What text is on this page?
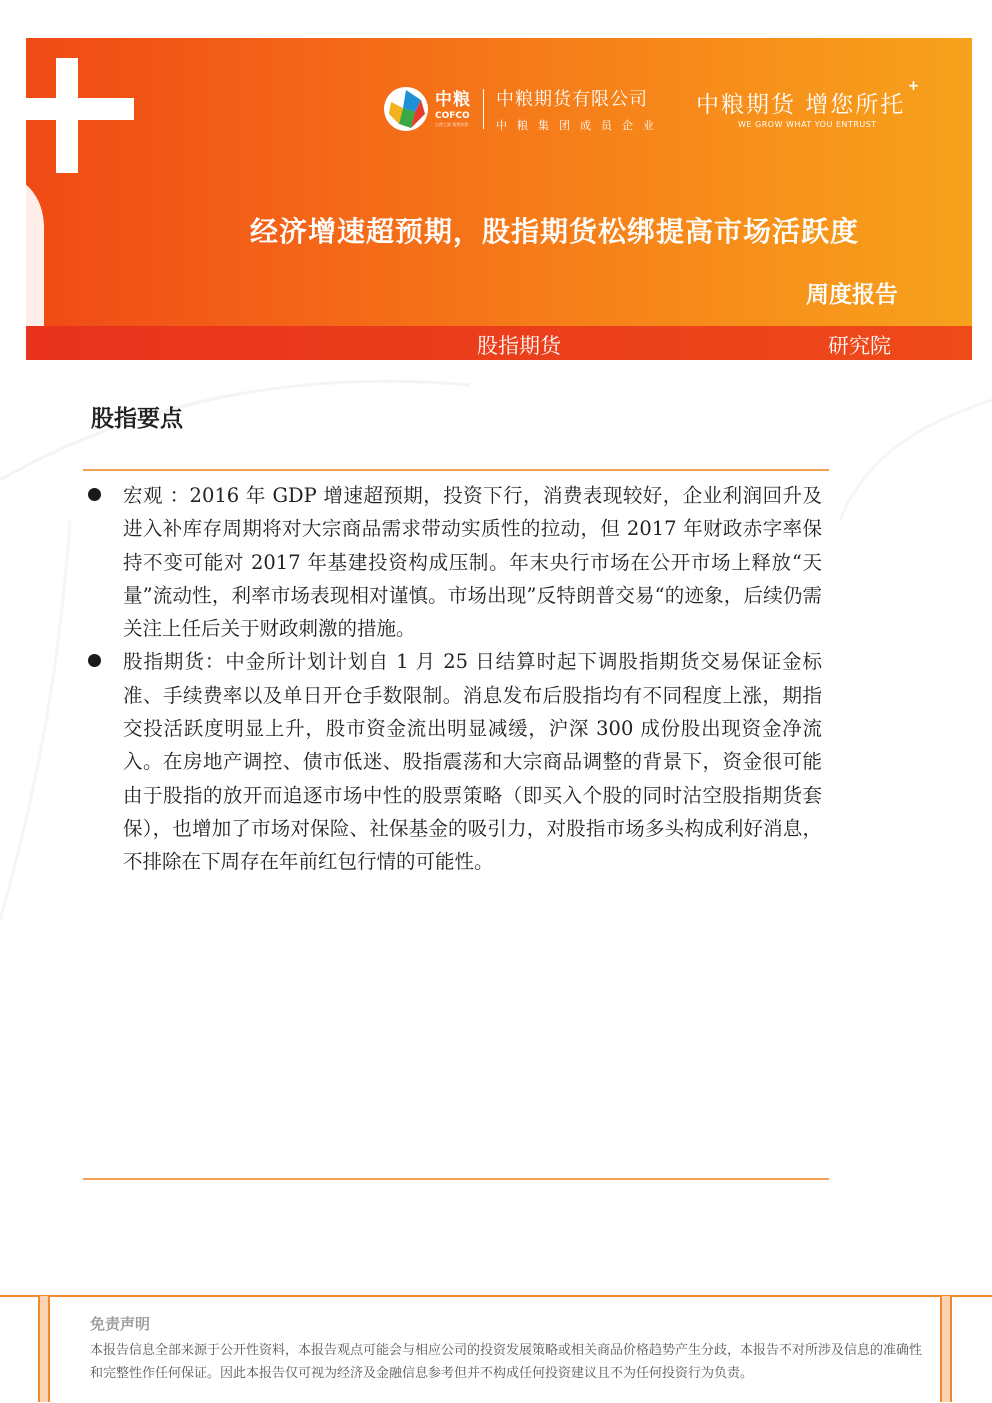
中粮
COFCO
自然之源 重塑你我
中粮期货有限公司
中粮集团成员企业
中粮期货 增您所托
WE GROW WHAT YOU ENTRUST
+
经济增速超预期，股指期货松绑提高市场活跃度
周度报告
股指期货	研究院
股指要点
宏观 ：2016 年 GDP 增速超预期，投资下行，消费表现较好，企业利润回升及进入补库存周期将对大宗商品需求带动实质性的拉动，但 2017 年财政赤字率保持不变可能对 2017 年基建投资构成压制。年末央行市场在公开市场上释放“天量”流动性，利率市场表现相对谨慎。市场出现”反特朗普交易“的迹象，后续仍需关注上任后关于财政刺激的措施。
股指期货：中金所计划计划自 1 月 25 日结算时起下调股指期货交易保证金标准、手续费率以及单日开仓手数限制。消息发布后股指均有不同程度上涨，期指交投活跃度明显上升，股市资金流出明显减缓，沪深 300 成份股出现资金净流入。在房地产调控、债市低迷、股指震荡和大宗商品调整的背景下，资金很可能由于股指的放开而追逐市场中性的股票策略（即买入个股的同时沽空股指期货套保），也增加了市场对保险、社保基金的吸引力，对股指市场多头构成利好消息，不排除在下周存在年前红包行情的可能性。
免责声明
本报告信息全部来源于公开性资料，本报告观点可能会与相应公司的投资发展策略或相关商品价格趋势产生分歧，本报告不对所涉及信息的准确性和完整性作任何保证。因此本报告仅可视为经济及金融信息参考但并不构成任何投资建议且不为任何投资行为负责。
